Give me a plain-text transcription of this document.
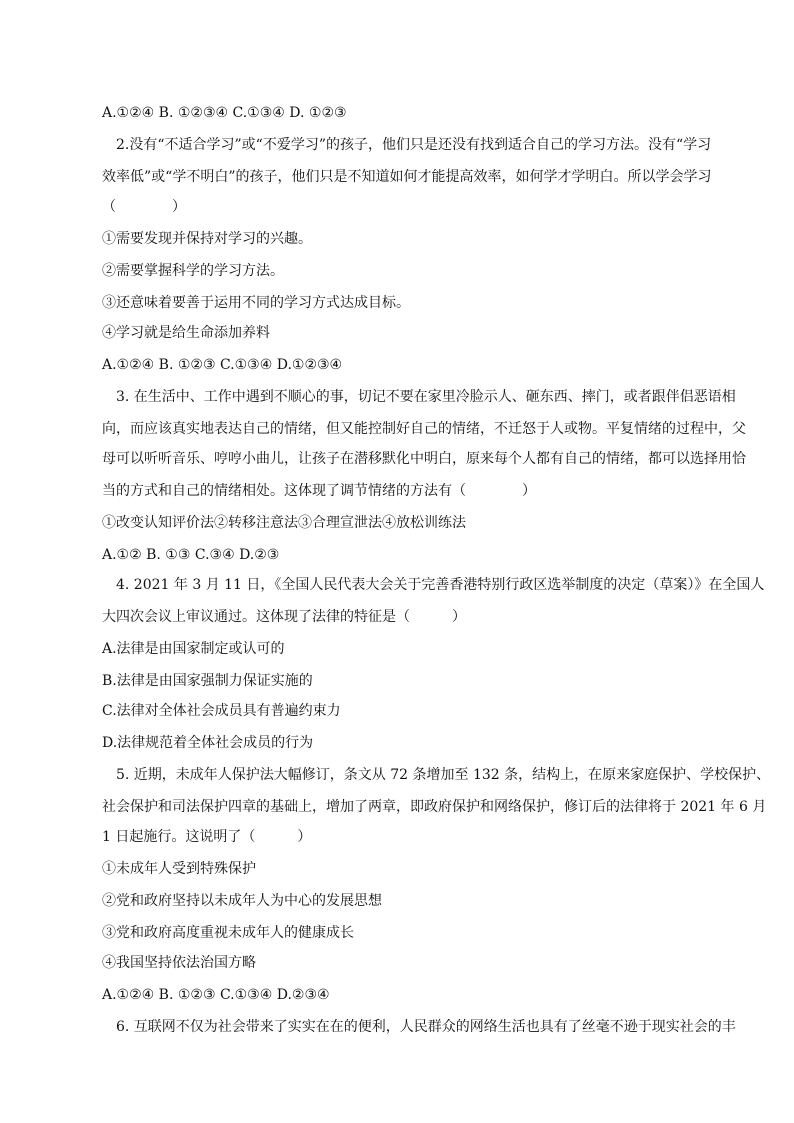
A.①②④ B. ①②③④ C.①③④ D. ①②③
2.没有“不适合学习”或“不爱学习”的孩子，他们只是还没有找到适合自己的学习方法。没有“学习
效率低”或“学不明白”的孩子，他们只是不知道如何才能提高效率，如何学才学明白。所以学会学习
（　　　　）
①需要发现并保持对学习的兴趣。
②需要掌握科学的学习方法。
③还意味着要善于运用不同的学习方式达成目标。
④学习就是给生命添加养料
A.①②④ B. ①②③ C.①③④ D.①②③④
3. 在生活中、工作中遇到不顺心的事，切记不要在家里冷脸示人、砸东西、摔门，或者跟伴侣恶语相
向，而应该真实地表达自己的情绪，但又能控制好自己的情绪，不迁怒于人或物。平复情绪的过程中，父
母可以听听音乐、哼哼小曲儿，让孩子在潜移默化中明白，原来每个人都有自己的情绪，都可以选择用恰
当的方式和自己的情绪相处。这体现了调节情绪的方法有（　　　　）
①改变认知评价法②转移注意法③合理宣泄法④放松训练法
A.①② B. ①③ C.③④ D.②③
4. 2021 年 3 月 11 日，《全国人民代表大会关于完善香港特别行政区选举制度的决定（草案）》在全国人
大四次会议上审议通过。这体现了法律的特征是（　　　）
A.法律是由国家制定或认可的
B.法律是由国家强制力保证实施的
C.法律对全体社会成员具有普遍约束力
D.法律规范着全体社会成员的行为
5. 近期，未成年人保护法大幅修订，条文从 72 条增加至 132 条，结构上，在原来家庭保护、学校保护、
社会保护和司法保护四章的基础上，增加了两章，即政府保护和网络保护，修订后的法律将于 2021 年 6 月
1 日起施行。这说明了（　　　）
①未成年人受到特殊保护
②党和政府坚持以未成年人为中心的发展思想
③党和政府高度重视未成年人的健康成长
④我国坚持依法治国方略
A.①②④ B. ①②③ C.①③④ D.②③④
6. 互联网不仅为社会带来了实实在在的便利，人民群众的网络生活也具有了丝毫不逊于现实社会的丰
